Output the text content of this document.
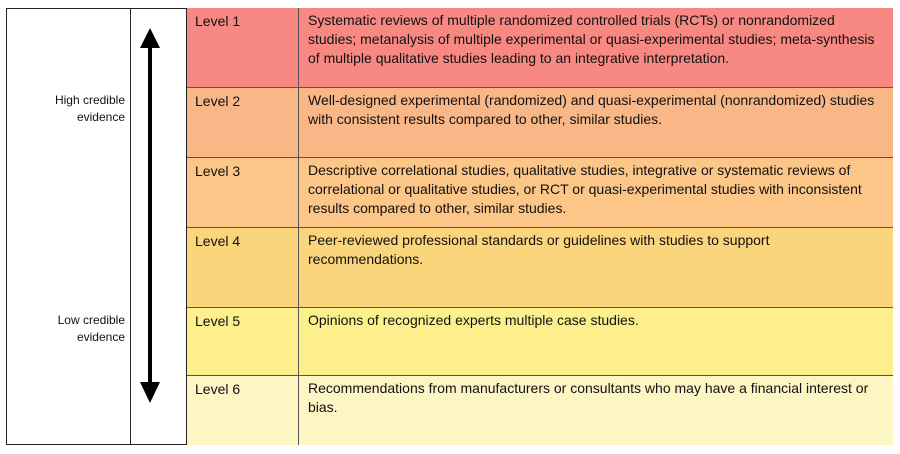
High credible evidence
Low credible evidence
Level 1	Systematic reviews of multiple randomized controlled trials (RCTs) or nonrandomized studies; metanalysis of multiple experimental or quasi-experimental studies; meta-synthesis of multiple qualitative studies leading to an integrative interpretation.
Level 2	Well-designed experimental (randomized) and quasi-experimental (nonrandomized) studies with consistent results compared to other, similar studies.
Level 3	Descriptive correlational studies, qualitative studies, integrative or systematic reviews of correlational or qualitative studies, or RCT or quasi-experimental studies with inconsistent results compared to other, similar studies.
Level 4	Peer-reviewed professional standards or guidelines with studies to support recommendations.
Level 5	Opinions of recognized experts multiple case studies.
Level 6	Recommendations from manufacturers or consultants who may have a financial interest or bias.
